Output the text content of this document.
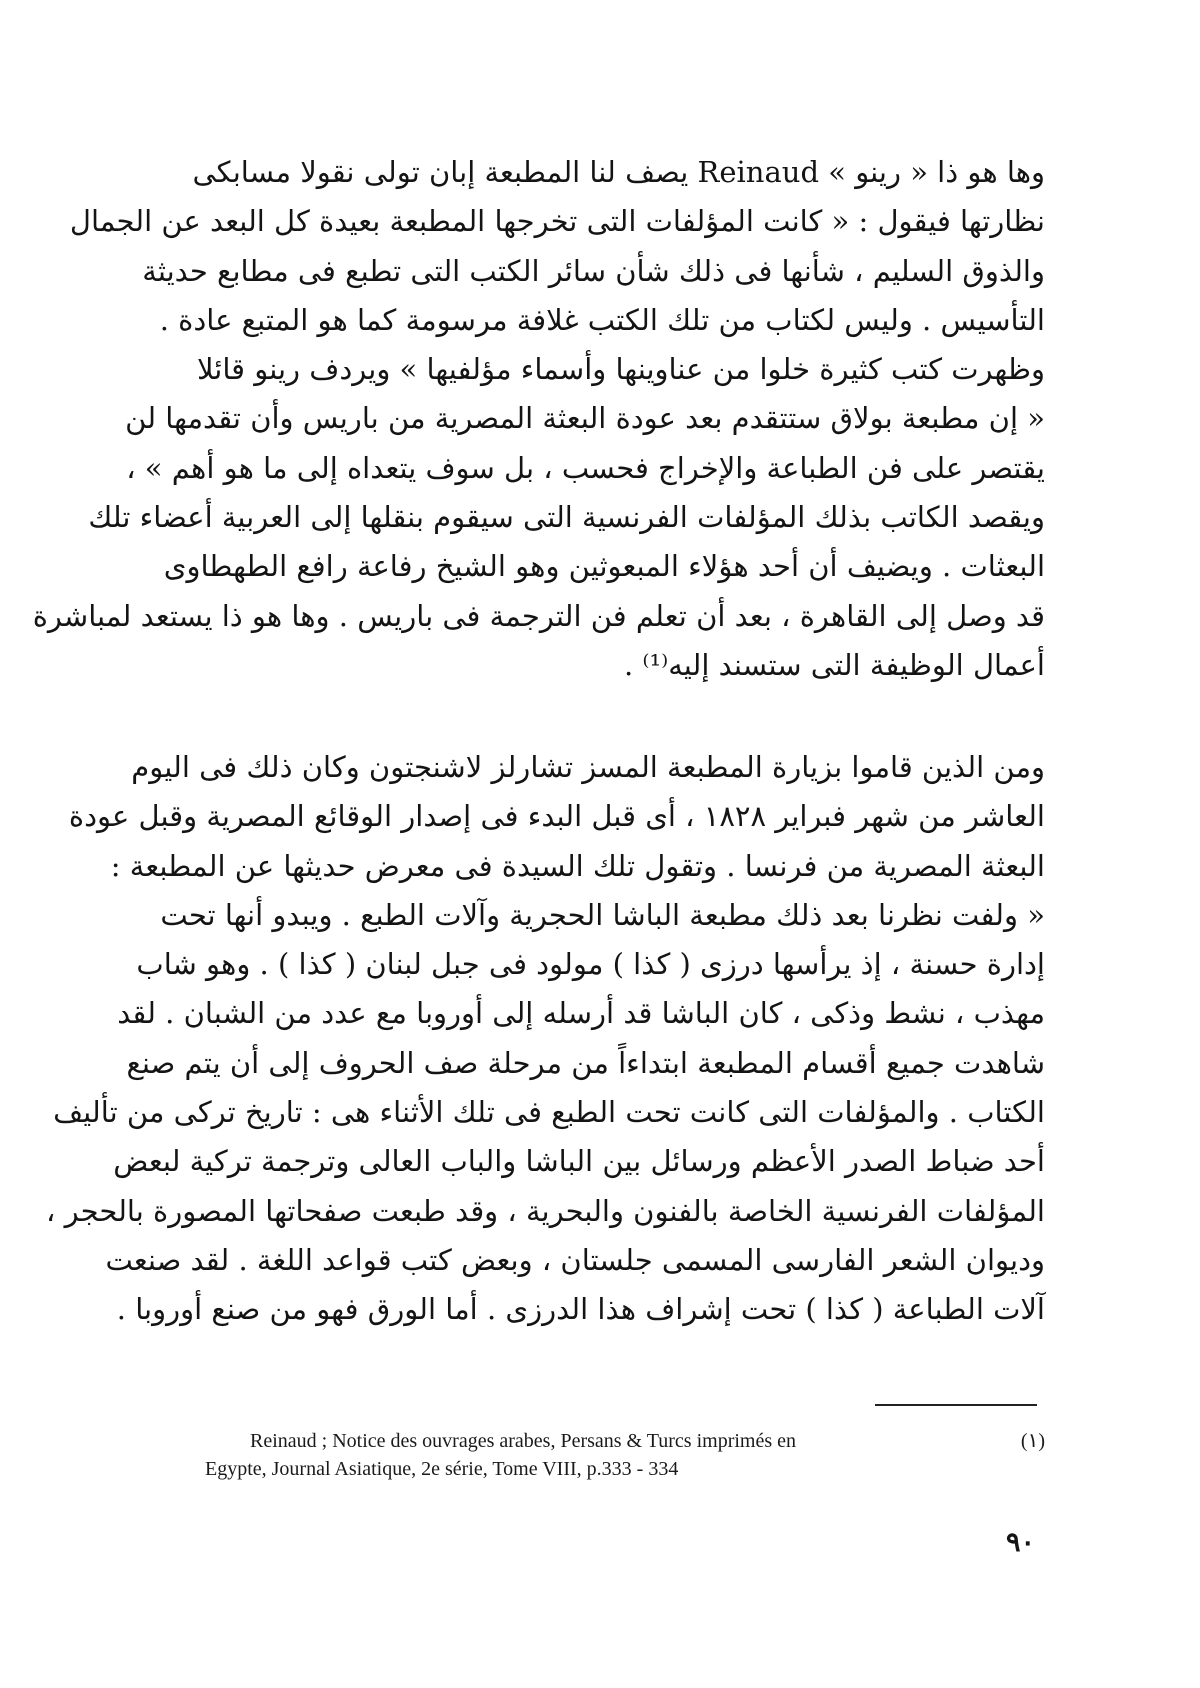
وها هو ذا « رينو » Reinaud يصف لنا المطبعة إبان تولى نقولا مسابكى
نظارتها فيقول : « كانت المؤلفات التى تخرجها المطبعة بعيدة كل البعد عن الجمال
والذوق السليم ، شأنها فى ذلك شأن سائر الكتب التى تطبع فى مطابع حديثة
التأسيس . وليس لكتاب من تلك الكتب غلافة مرسومة كما هو المتبع عادة .
وظهرت كتب كثيرة خلوا من عناوينها وأسماء مؤلفيها » ويردف رينو قائلا
« إن مطبعة بولاق ستتقدم بعد عودة البعثة المصرية من باريس وأن تقدمها لن
يقتصر على فن الطباعة والإخراج فحسب ، بل سوف يتعداه إلى ما هو أهم » ،
ويقصد الكاتب بذلك المؤلفات الفرنسية التى سيقوم بنقلها إلى العربية أعضاء تلك
البعثات . ويضيف أن أحد هؤلاء المبعوثين وهو الشيخ رفاعة رافع الطهطاوى
قد وصل إلى القاهرة ، بعد أن تعلم فن الترجمة فى باريس . وها هو ذا يستعد لمباشرة
أعمال الوظيفة التى ستسند إليه⁽¹⁾ .
ومن الذين قاموا بزيارة المطبعة المسز تشارلز لاشنجتون وكان ذلك فى اليوم
العاشر من شهر فبراير ١٨٢٨ ، أى قبل البدء فى إصدار الوقائع المصرية وقبل عودة
البعثة المصرية من فرنسا . وتقول تلك السيدة فى معرض حديثها عن المطبعة :
« ولفت نظرنا بعد ذلك مطبعة الباشا الحجرية وآلات الطبع . ويبدو أنها تحت
إدارة حسنة ، إذ يرأسها درزى ( كذا ) مولود فى جبل لبنان ( كذا ) . وهو شاب
مهذب ، نشط وذكى ، كان الباشا قد أرسله إلى أوروبا مع عدد من الشبان . لقد
شاهدت جميع أقسام المطبعة ابتداءاً من مرحلة صف الحروف إلى أن يتم صنع
الكتاب . والمؤلفات التى كانت تحت الطبع فى تلك الأثناء هى : تاريخ تركى من تأليف
أحد ضباط الصدر الأعظم ورسائل بين الباشا والباب العالى وترجمة تركية لبعض
المؤلفات الفرنسية الخاصة بالفنون والبحرية ، وقد طبعت صفحاتها المصورة بالحجر ،
وديوان الشعر الفارسى المسمى جلستان ، وبعض كتب قواعد اللغة . لقد صنعت
آلات الطباعة ( كذا ) تحت إشراف هذا الدرزى . أما الورق فهو من صنع أوروبا .
(١)
Reinaud ; Notice des ouvrages arabes, Persans & Turcs imprimés en
Egypte, Journal Asiatique, 2e série, Tome VIII, p.333 - 334
٩٠
